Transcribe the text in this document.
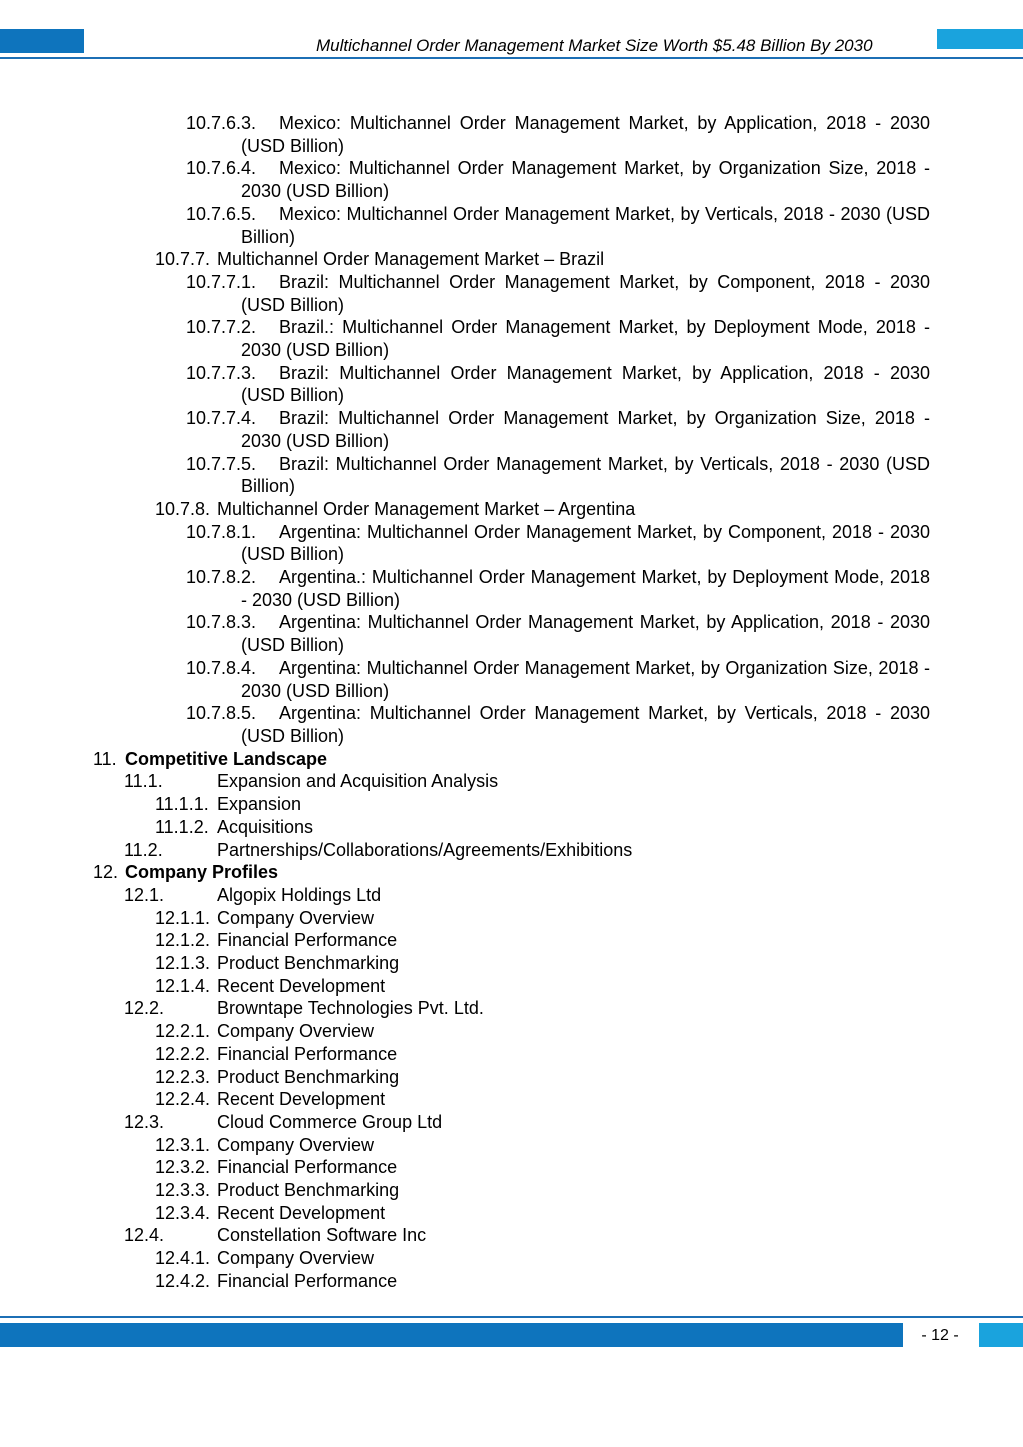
Multichannel Order Management Market Size Worth $5.48 Billion By 2030
10.7.6.3.	Mexico: Multichannel Order Management Market, by Application, 2018 - 2030 (USD Billion)
10.7.6.4.	Mexico: Multichannel Order Management Market, by Organization Size, 2018 - 2030 (USD Billion)
10.7.6.5.	Mexico: Multichannel Order Management Market, by Verticals, 2018 - 2030 (USD Billion)
10.7.7. Multichannel Order Management Market – Brazil
10.7.7.1.	Brazil: Multichannel Order Management Market, by Component, 2018 - 2030 (USD Billion)
10.7.7.2.	Brazil.: Multichannel Order Management Market, by Deployment Mode, 2018 - 2030 (USD Billion)
10.7.7.3.	Brazil: Multichannel Order Management Market, by Application, 2018 - 2030 (USD Billion)
10.7.7.4.	Brazil: Multichannel Order Management Market, by Organization Size, 2018 - 2030 (USD Billion)
10.7.7.5.	Brazil: Multichannel Order Management Market, by Verticals, 2018 - 2030 (USD Billion)
10.7.8. Multichannel Order Management Market – Argentina
10.7.8.1.	Argentina: Multichannel Order Management Market, by Component, 2018 - 2030 (USD Billion)
10.7.8.2.	Argentina.: Multichannel Order Management Market, by Deployment Mode, 2018 - 2030 (USD Billion)
10.7.8.3.	Argentina: Multichannel Order Management Market, by Application, 2018 - 2030 (USD Billion)
10.7.8.4.	Argentina: Multichannel Order Management Market, by Organization Size, 2018 - 2030 (USD Billion)
10.7.8.5.	Argentina: Multichannel Order Management Market, by Verticals, 2018 - 2030 (USD Billion)
11. Competitive Landscape
11.1.	Expansion and Acquisition Analysis
11.1.1. Expansion
11.1.2. Acquisitions
11.2.	Partnerships/Collaborations/Agreements/Exhibitions
12. Company Profiles
12.1.	Algopix Holdings Ltd
12.1.1. Company Overview
12.1.2. Financial Performance
12.1.3. Product Benchmarking
12.1.4. Recent Development
12.2.	Browntape Technologies Pvt. Ltd.
12.2.1. Company Overview
12.2.2. Financial Performance
12.2.3. Product Benchmarking
12.2.4. Recent Development
12.3.	Cloud Commerce Group Ltd
12.3.1. Company Overview
12.3.2. Financial Performance
12.3.3. Product Benchmarking
12.3.4. Recent Development
12.4.	Constellation Software Inc
12.4.1. Company Overview
12.4.2. Financial Performance
- 12 -
